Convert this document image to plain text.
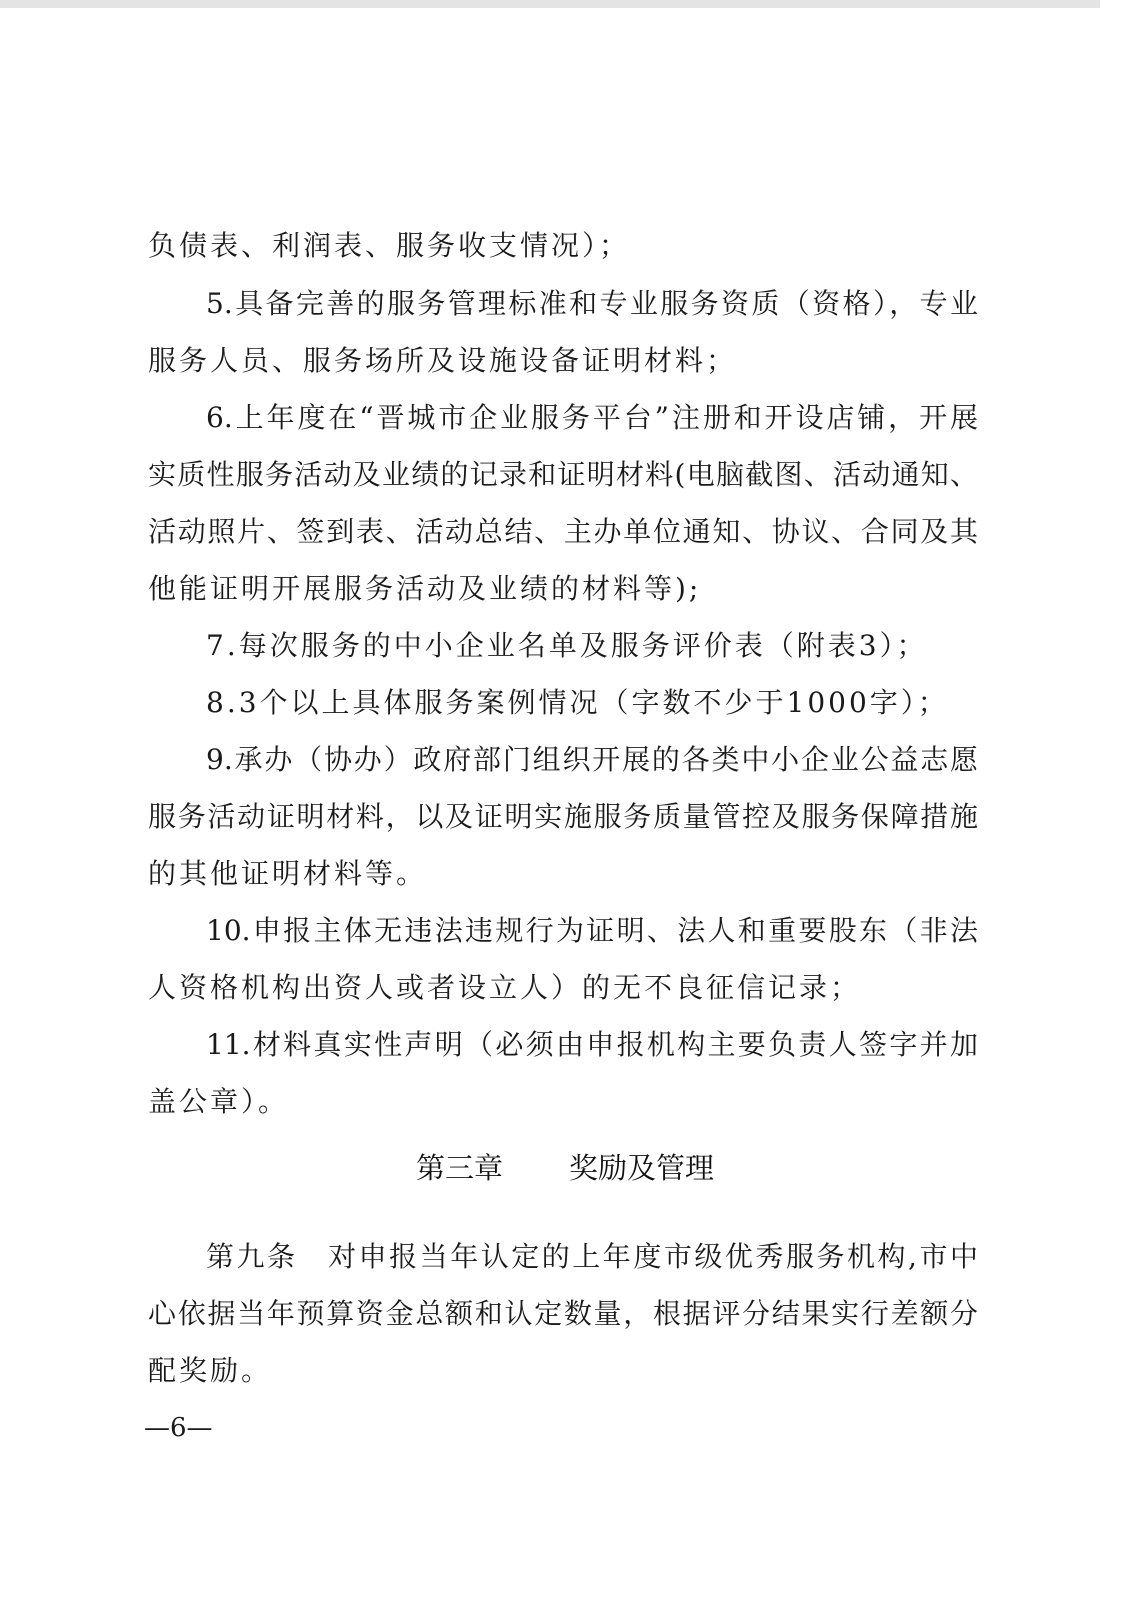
负债表、利润表、服务收支情况）；
5.具备完善的服务管理标准和专业服务资质（资格），专业
服务人员、服务场所及设施设备证明材料；
6.上年度在“晋城市企业服务平台”注册和开设店铺，开展
实质性服务活动及业绩的记录和证明材料(电脑截图、活动通知、
活动照片、签到表、活动总结、主办单位通知、协议、合同及其
他能证明开展服务活动及业绩的材料等);
7.每次服务的中小企业名单及服务评价表（附表3）；
8.3个以上具体服务案例情况（字数不少于1000字）；
9.承办（协办）政府部门组织开展的各类中小企业公益志愿
服务活动证明材料，以及证明实施服务质量管控及服务保障措施
的其他证明材料等。
10.申报主体无违法违规行为证明、法人和重要股东（非法
人资格机构出资人或者设立人）的无不良征信记录；
11.材料真实性声明（必须由申报机构主要负责人签字并加
盖公章）。
第三章 奖励及管理
第九条　对申报当年认定的上年度市级优秀服务机构,市中
心依据当年预算资金总额和认定数量，根据评分结果实行差额分
配奖励。
—6—
